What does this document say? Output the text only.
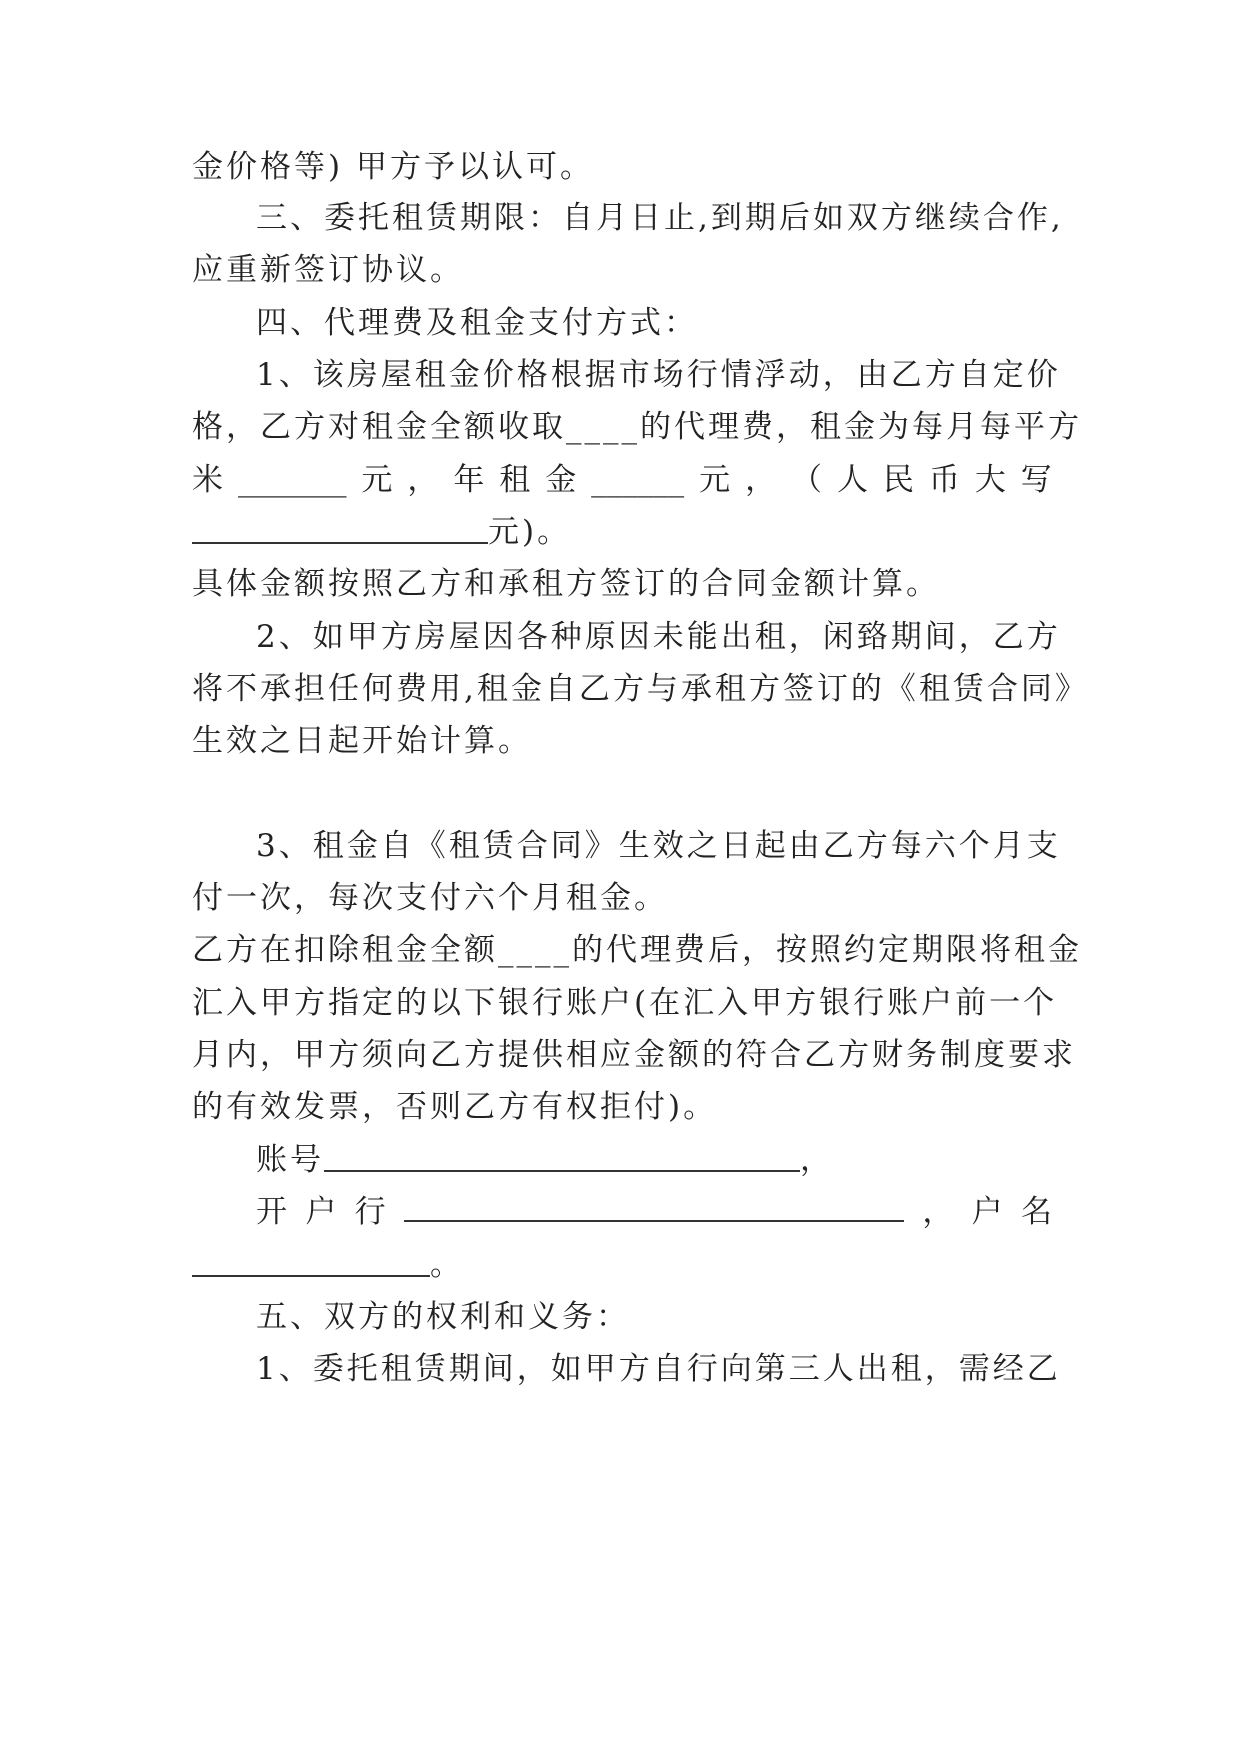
金价格等) 甲方予以认可。
三、委托租赁期限：自月日止,到期后如双方继续合作,
应重新签订协议。
四、代理费及租金支付方式：
1、该房屋租金价格根据市场行情浮动，由乙方自定价
格，乙方对租金全额收取____的代理费，租金为每月每平方
米 _______ 元 ， 年 租 金 ______ 元 ， （ 人 民 币 大 写
元)。
具体金额按照乙方和承租方签订的合同金额计算。
2、如甲方房屋因各种原因未能出租，闲臵期间，乙方
将不承担任何费用,租金自乙方与承租方签订的《租赁合同》
生效之日起开始计算。
3、租金自《租赁合同》生效之日起由乙方每六个月支
付一次，每次支付六个月租金。
乙方在扣除租金全额____的代理费后，按照约定期限将租金
汇入甲方指定的以下银行账户(在汇入甲方银行账户前一个
月内，甲方须向乙方提供相应金额的符合乙方财务制度要求
的有效发票，否则乙方有权拒付)。
账号	，
开 户 行	， 户 名
。
五、双方的权利和义务：
1、委托租赁期间，如甲方自行向第三人出租，需经乙
